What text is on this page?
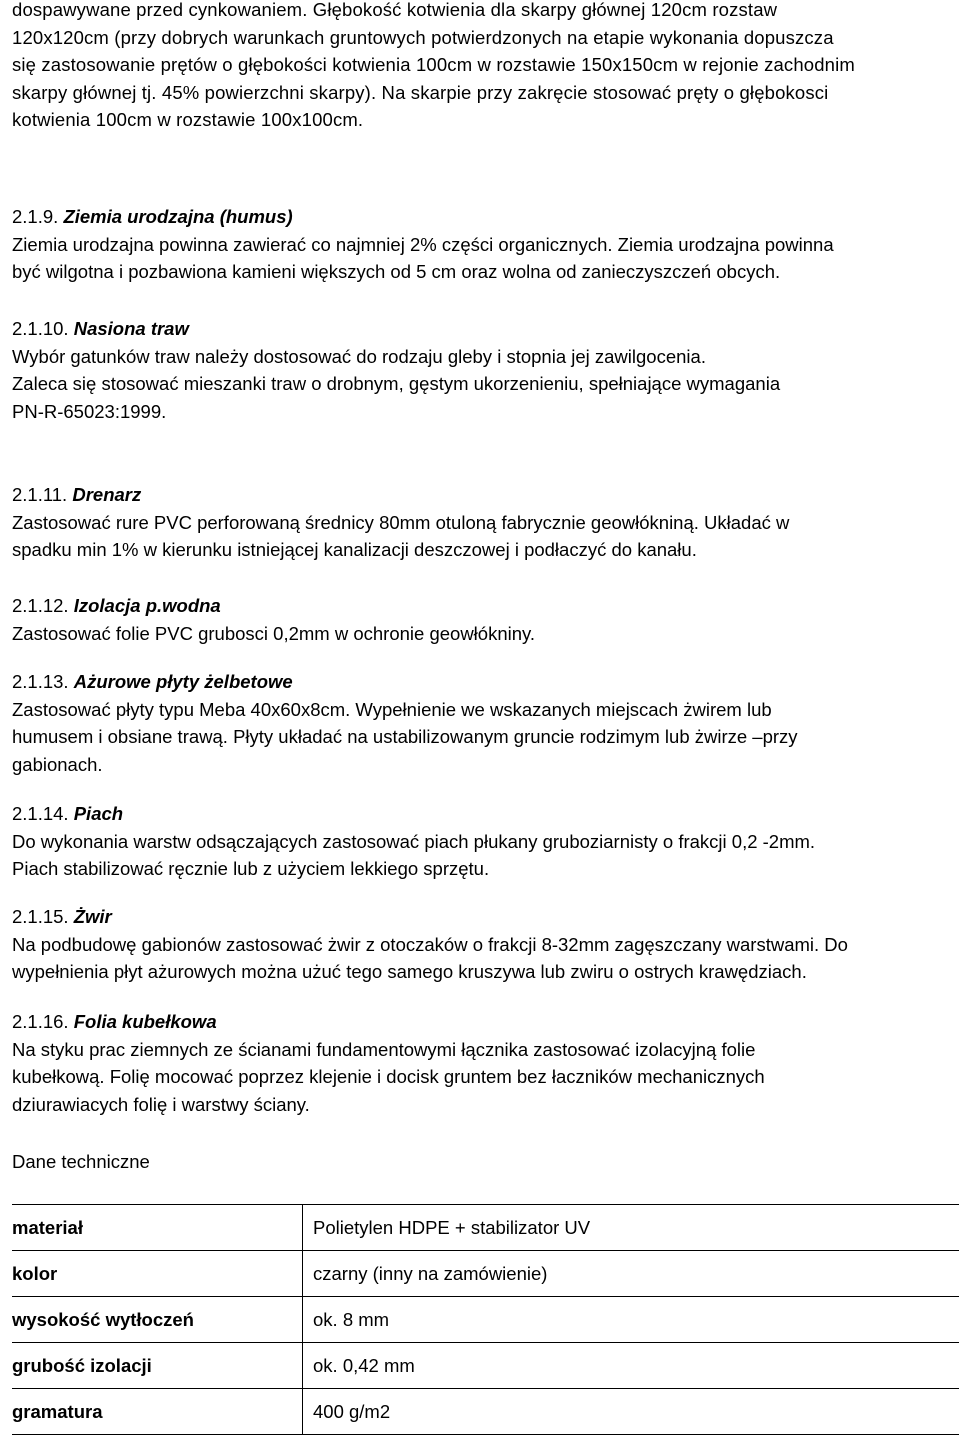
dospawywane przed cynkowaniem. Głębokość kotwienia dla skarpy głównej 120cm rozstaw

120x120cm (przy dobrych warunkach gruntowych potwierdzonych na etapie wykonania dopuszcza

się zastosowanie prętów o głębokości kotwienia 100cm w rozstawie 150x150cm w rejonie zachodnim

skarpy głównej tj. 45% powierzchni skarpy). Na skarpie przy zakręcie stosować pręty o głębokosci

kotwienia 100cm w rozstawie 100x100cm.

2.1.9. Ziemia urodzajna (humus)

Ziemia urodzajna powinna zawierać co najmniej 2% części organicznych. Ziemia urodzajna powinna

być wilgotna i pozbawiona kamieni większych od 5 cm oraz wolna od zanieczyszczeń obcych.

2.1.10. Nasiona traw

Wybór gatunków traw należy dostosować do rodzaju gleby i stopnia jej zawilgocenia.

Zaleca się stosować mieszanki traw o drobnym, gęstym ukorzenieniu, spełniające wymagania

PN-R-65023:1999.

2.1.11. Drenarz

Zastosować rure PVC perforowaną średnicy 80mm otuloną fabrycznie geowłókniną. Układać w

spadku min 1% w kierunku istniejącej kanalizacji deszczowej i podłaczyć do kanału.

2.1.12. Izolacja p.wodna

Zastosować folie PVC grubosci 0,2mm w ochronie geowłókniny.

2.1.13. Ażurowe płyty żelbetowe

Zastosować płyty typu Meba 40x60x8cm. Wypełnienie we wskazanych miejscach żwirem lub

humusem i obsiane trawą. Płyty układać na ustabilizowanym gruncie rodzimym lub żwirze –przy

gabionach.

2.1.14. Piach

Do wykonania warstw odsączających zastosować piach płukany gruboziarnisty o frakcji 0,2 -2mm.

Piach stabilizować ręcznie lub z użyciem lekkiego sprzętu.

2.1.15. Żwir

Na podbudowę gabionów zastosować żwir z otoczaków o frakcji 8-32mm zagęszczany warstwami. Do

wypełnienia płyt ażurowych można użuć tego samego kruszywa lub zwiru o ostrych krawędziach.

2.1.16. Folia kubełkowa

Na styku prac ziemnych ze ścianami fundamentowymi łącznika zastosować izolacyjną folie

kubełkową. Folię mocować poprzez klejenie i docisk gruntem bez łaczników mechanicznych

dziurawiacych folię i warstwy ściany.

Dane techniczne
materiał	Polietylen HDPE + stabilizator UV
kolor	czarny (inny na zamówienie)
wysokość wytłoczeń	ok. 8 mm
grubość izolacji	ok. 0,42 mm
gramatura	400 g/m2
